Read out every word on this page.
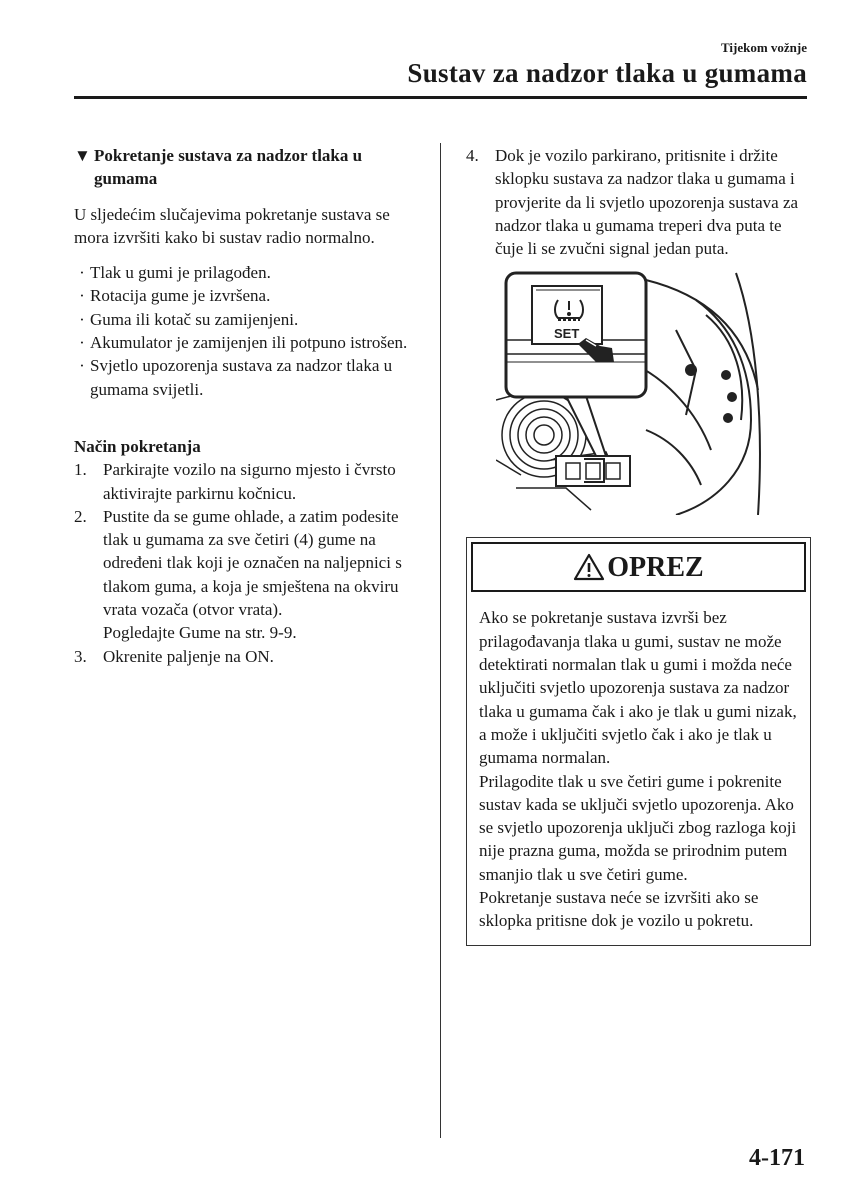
Tijekom vožnje
Sustav za nadzor tlaka u gumama
▼ Pokretanje sustava za nadzor tlaka u gumama

U sljedećim slučajevima pokretanje sustava se mora izvršiti kako bi sustav radio normalno.

· Tlak u gumi je prilagođen.
· Rotacija gume je izvršena.
· Guma ili kotač su zamijenjeni.
· Akumulator je zamijenjen ili potpuno istrošen.
· Svjetlo upozorenja sustava za nadzor tlaka u gumama svijetli.
Način pokretanja
1. Parkirajte vozilo na sigurno mjesto i čvrsto aktivirajte parkirnu kočnicu.
2. Pustite da se gume ohlade, a zatim podesite tlak u gumama za sve četiri (4) gume na određeni tlak koji je označen na naljepnici s tlakom guma, a koja je smještena na okviru vrata vozača (otvor vrata).
Pogledajte Gume na str. 9-9.
3. Okrenite paljenje na ON.
4. Dok je vozilo parkirano, pritisnite i držite sklopku sustava za nadzor tlaka u gumama i provjerite da li svjetlo upozorenja sustava za nadzor tlaka u gumama treperi dva puta te čuje li se zvučni signal jedan puta.
SET
OPREZ

Ako se pokretanje sustava izvrši bez prilagođavanja tlaka u gumi, sustav ne može detektirati normalan tlak u gumi i možda neće uključiti svjetlo upozorenja sustava za nadzor tlaka u gumama čak i ako je tlak u gumi nizak, a može i uključiti svjetlo čak i ako je tlak u gumama normalan.

Prilagodite tlak u sve četiri gume i pokrenite sustav kada se uključi svjetlo upozorenja. Ako se svjetlo upozorenja uključi zbog razloga koji nije prazna guma, možda se prirodnim putem smanjio tlak u sve četiri gume.

Pokretanje sustava neće se izvršiti ako se sklopka pritisne dok je vozilo u pokretu.

4-171
